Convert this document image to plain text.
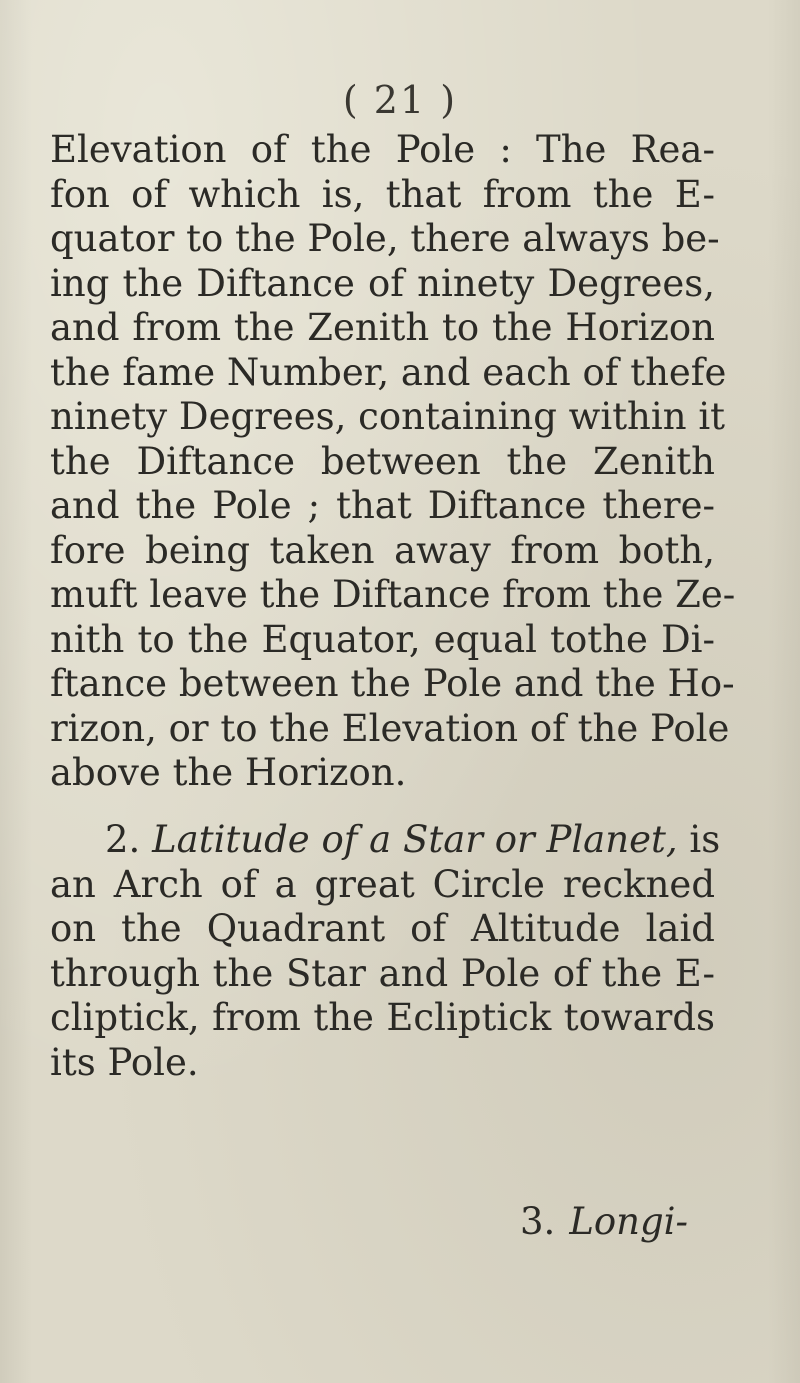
( 21 )
Elevation of the Pole : The Rea-
fon of which is, that from the E-
quator to the Pole, there always be-
ing the Diftance of ninety Degrees,
and from the Zenith to the Horizon
the fame Number, and each of thefe
ninety Degrees, containing within it
the Diftance between the Zenith
and the Pole ; that Diftance there-
fore being taken away from both,
muft leave the Diftance from the Ze-
nith to the Equator, equal tothe Di-
ftance between the Pole and the Ho-
rizon, or to the Elevation of the Pole
above the Horizon.
2. Latitude of a Star or Planet, is
an Arch of a great Circle reckned
on the Quadrant of Altitude laid
through the Star and Pole of the E-
cliptick, from the Ecliptick towards
its Pole.
3. Longi-
